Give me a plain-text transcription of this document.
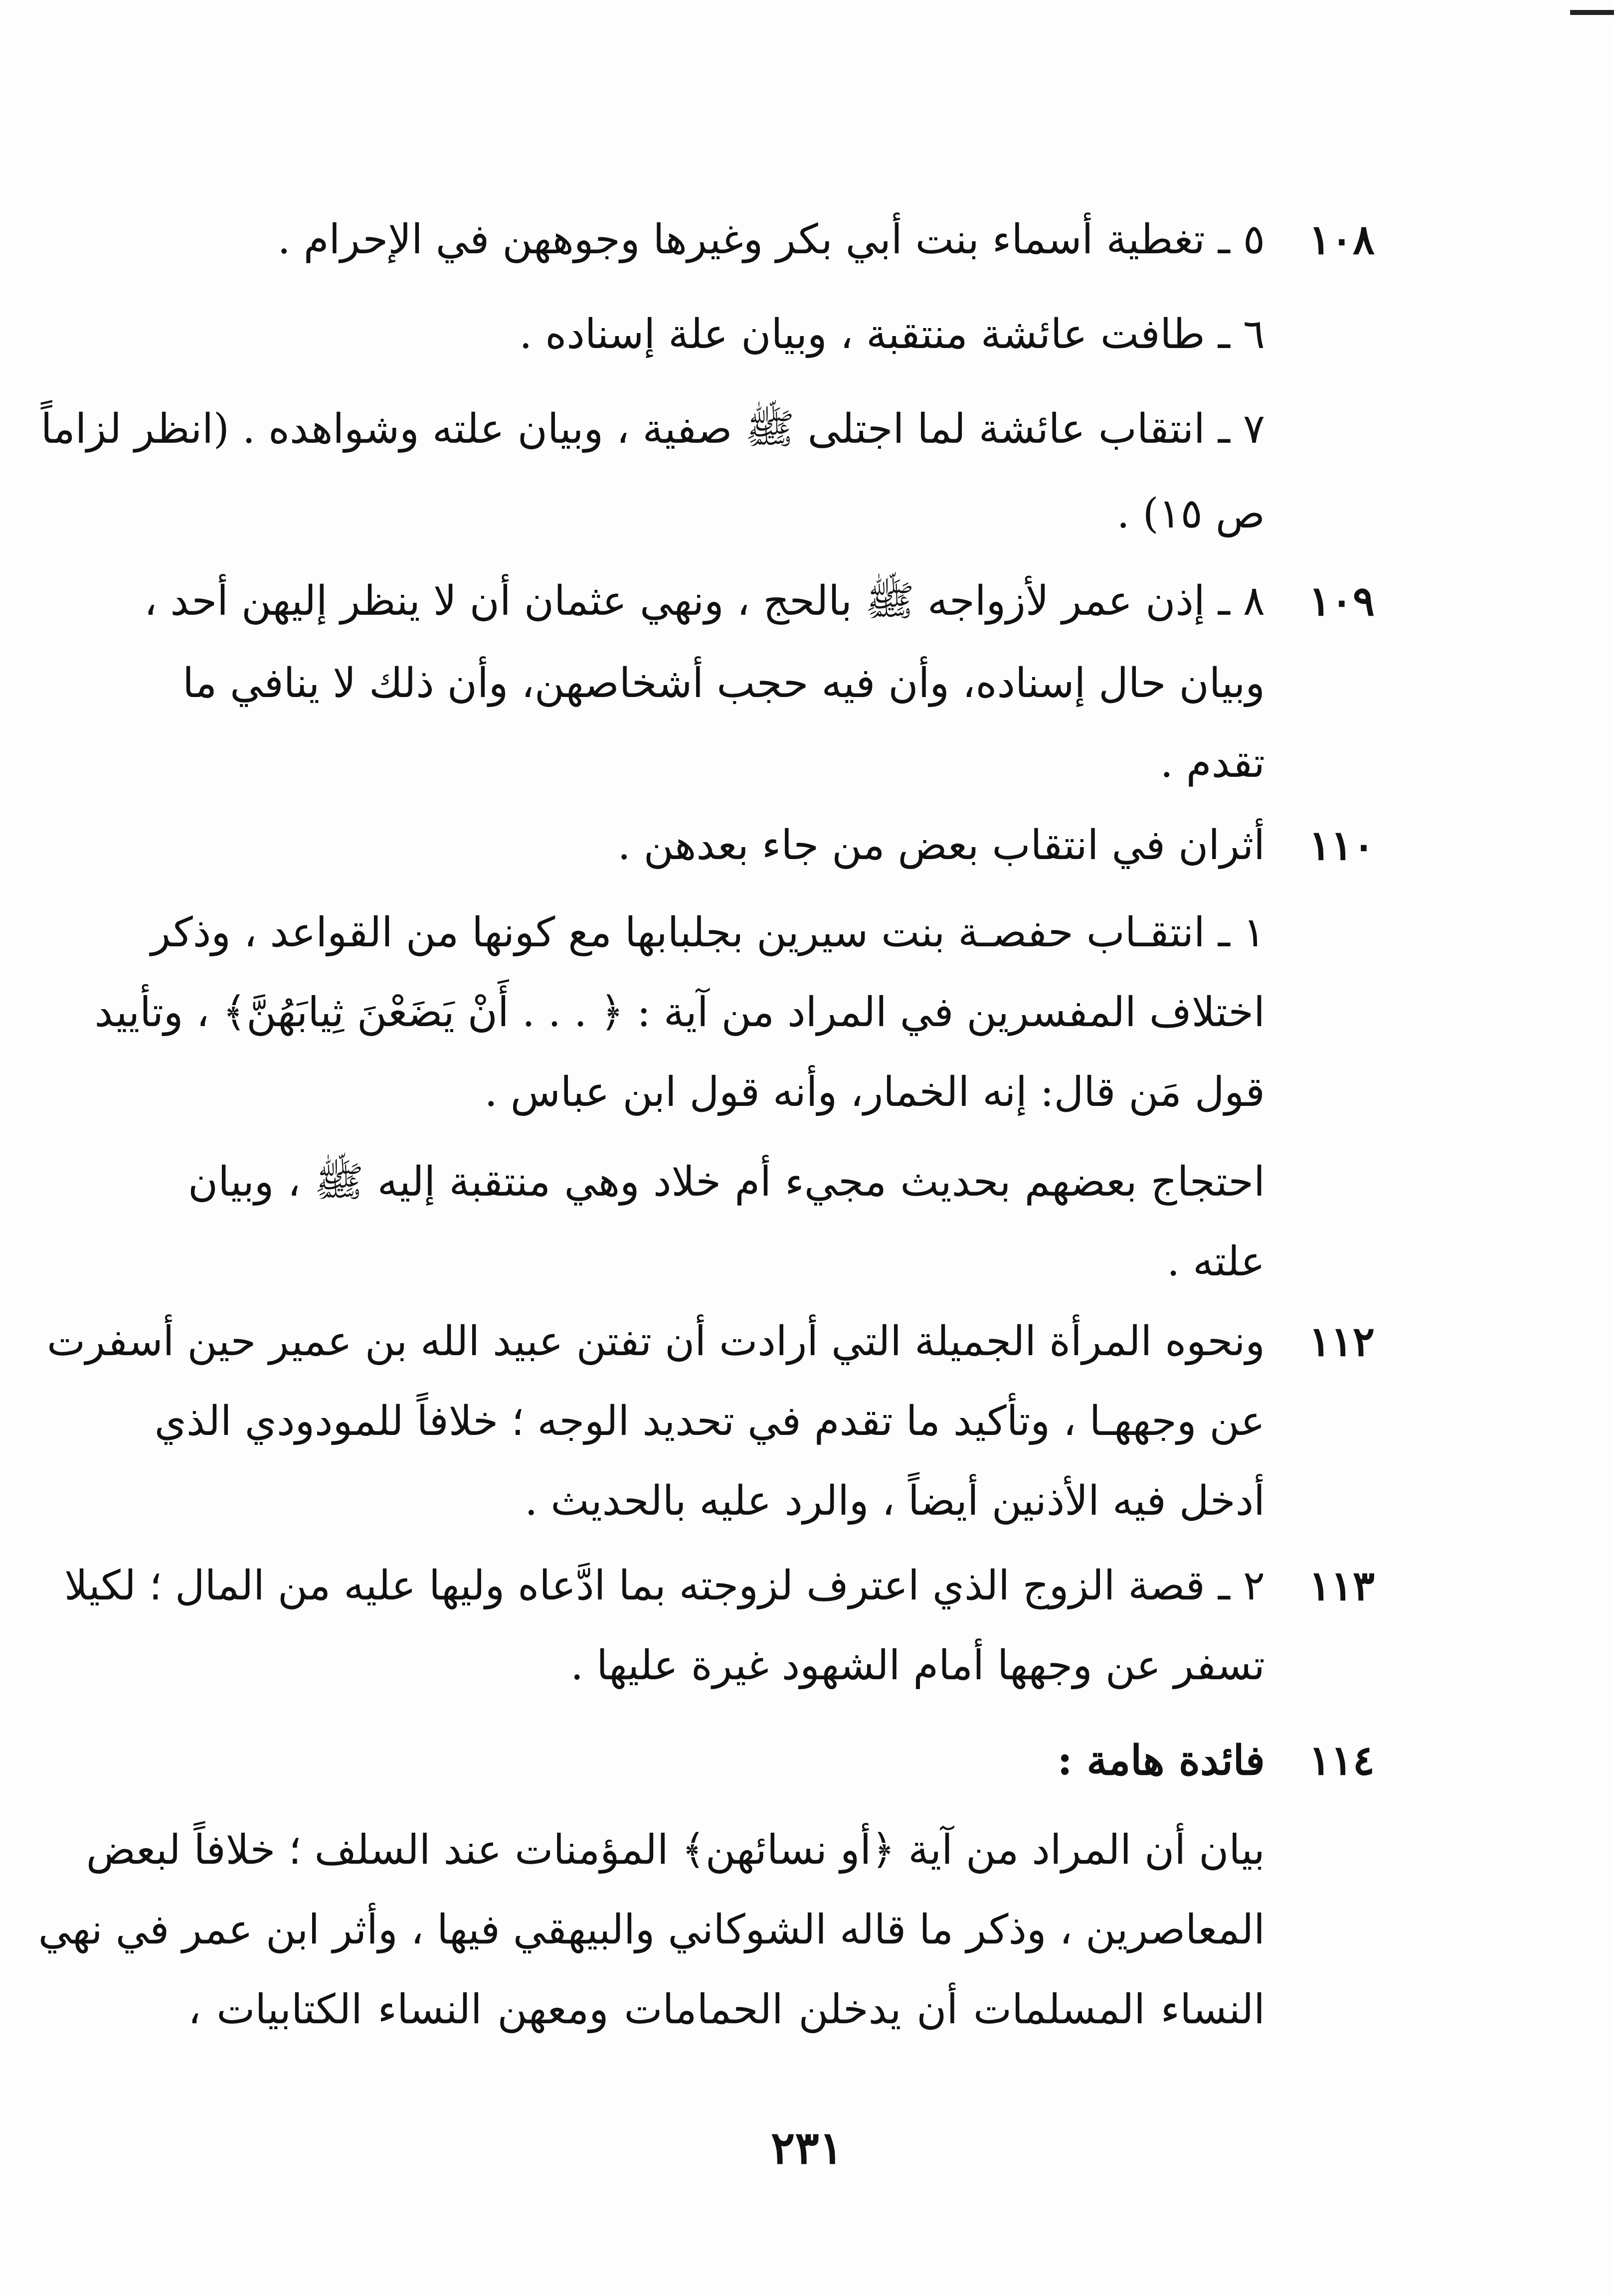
١٠٨
٥ ـ تغطية أسماء بنت أبي بكر وغيرها وجوههن في الإحرام .
٦ ـ طافت عائشة منتقبة ، وبيان علة إسناده .
٧ ـ انتقاب عائشة لما اجتلى ﷺ صفية ، وبيان علته وشواهده . (انظر لزاماً
ص ١٥) .
١٠٩
٨ ـ إذن عمر لأزواجه ﷺ بالحج ، ونهي عثمان أن لا ينظر إليهن أحد ،
وبيان حال إسناده، وأن فيه حجب أشخاصهن، وأن ذلك لا ينافي ما
تقدم .
١١٠
أثران في انتقاب بعض من جاء بعدهن .
١ ـ انتقـاب حفصـة بنت سيرين بجلبابها مع كونها من القواعد ، وذكر
اختلاف المفسرين في المراد من آية : ﴿ . . . أَنْ يَضَعْنَ ثِيابَهُنَّ﴾ ، وتأييد
قول مَن قال: إنه الخمار، وأنه قول ابن عباس .
احتجاج بعضهم بحديث مجيء أم خلاد وهي منتقبة إليه ﷺ ، وبيان
علته .
١١٢
ونحوه المرأة الجميلة التي أرادت أن تفتن عبيد الله بن عمير حين أسفرت
عن وجههـا ، وتأكيد ما تقدم في تحديد الوجه ؛ خلافاً للمودودي الذي
أدخل فيه الأذنين أيضاً ، والرد عليه بالحديث .
١١٣
٢ ـ قصة الزوج الذي اعترف لزوجته بما ادَّعاه وليها عليه من المال ؛ لكيلا
تسفر عن وجهها أمام الشهود غيرة عليها .
١١٤
فائدة هامة :
بيان أن المراد من آية ﴿أو نسائهن﴾ المؤمنات عند السلف ؛ خلافاً لبعض
المعاصرين ، وذكر ما قاله الشوكاني والبيهقي فيها ، وأثر ابن عمر في نهي
النساء المسلمات أن يدخلن الحمامات ومعهن النساء الكتابيات ،
٢٣١
